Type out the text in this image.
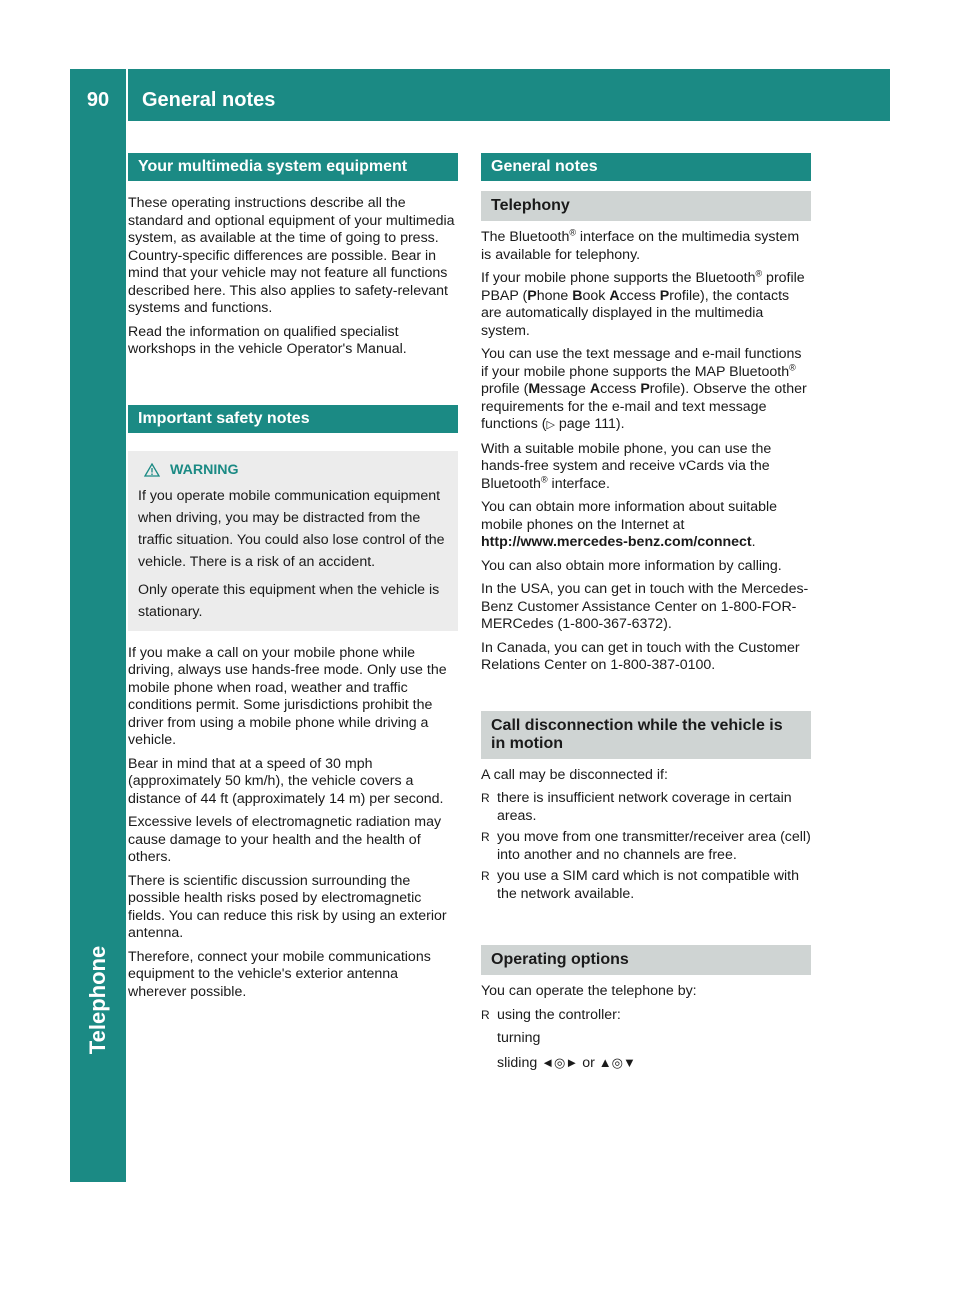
90	General notes
Telephone
Your multimedia system equipment

These operating instructions describe all the standard and optional equipment of your multimedia system, as available at the time of going to press. Country-specific differences are possible. Bear in mind that your vehicle may not feature all functions described here. This also applies to safety-relevant systems and functions.

Read the information on qualified specialist workshops in the vehicle Operator's Manual.

Important safety notes
WARNING

If you operate mobile communication equipment when driving, you may be distracted from the traffic situation. You could also lose control of the vehicle. There is a risk of an accident.

Only operate this equipment when the vehicle is stationary.

If you make a call on your mobile phone while driving, always use hands-free mode. Only use the mobile phone when road, weather and traffic conditions permit. Some jurisdictions prohibit the driver from using a mobile phone while driving a vehicle.

Bear in mind that at a speed of 30 mph (approximately 50 km/h), the vehicle covers a distance of 44 ft (approximately 14 m) per second.

Excessive levels of electromagnetic radiation may cause damage to your health and the health of others.

There is scientific discussion surrounding the possible health risks posed by electromagnetic fields. You can reduce this risk by using an exterior antenna.

Therefore, connect your mobile communications equipment to the vehicle's exterior antenna wherever possible.

General notes
Telephony

The Bluetooth® interface on the multimedia system is available for telephony.

If your mobile phone supports the Bluetooth® profile PBAP (Phone Book Access Profile), the contacts are automatically displayed in the multimedia system.

You can use the text message and e-mail functions if your mobile phone supports the MAP Bluetooth® profile (Message Access Profile). Observe the other requirements for the e-mail and text message functions (▷ page 111).

With a suitable mobile phone, you can use the hands-free system and receive vCards via the Bluetooth® interface.

You can obtain more information about suitable mobile phones on the Internet at
http://www.mercedes-benz.com/connect.

You can also obtain more information by calling.

In the USA, you can get in touch with the Mercedes-Benz Customer Assistance Center on 1-800-FOR-MERCedes (1-800-367-6372).

In Canada, you can get in touch with the Customer Relations Center on 1-800-387-0100.

Call disconnection while the vehicle is in motion

A call may be disconnected if:

R there is insufficient network coverage in certain areas.
R you move from one transmitter/receiver area (cell) into another and no channels are free.
R you use a SIM card which is not compatible with the network available.
Operating options

You can operate the telephone by:

R using the controller:

turning

sliding ◄◎► or ▲◎▼
